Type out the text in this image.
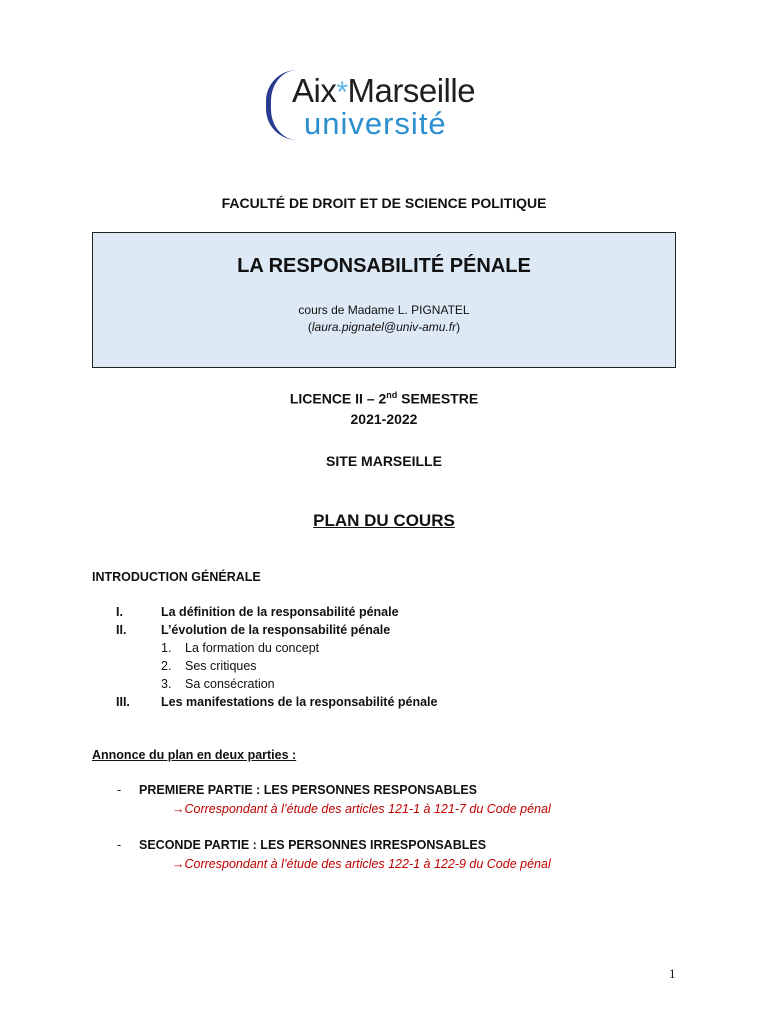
Aix*Marseille
université
FACULTÉ DE DROIT ET DE SCIENCE POLITIQUE
LA RESPONSABILITÉ PÉNALE
cours de Madame L. PIGNATEL
(laura.pignatel@univ-amu.fr)
LICENCE II – 2nd SEMESTRE
2021-2022
SITE MARSEILLE
PLAN DU COURS
INTRODUCTION GÉNÉRALE
I.	La définition de la responsabilité pénale
II.	L’évolution de la responsabilité pénale
1. La formation du concept
2. Ses critiques
3. Sa consécration
III. Les manifestations de la responsabilité pénale
Annonce du plan en deux parties :
- PREMIERE PARTIE : LES PERSONNES RESPONSABLES
→Correspondant à l’étude des articles 121-1 à 121-7 du Code pénal
- SECONDE PARTIE : LES PERSONNES IRRESPONSABLES
→Correspondant à l’étude des articles 122-1 à 122-9 du Code pénal
1
